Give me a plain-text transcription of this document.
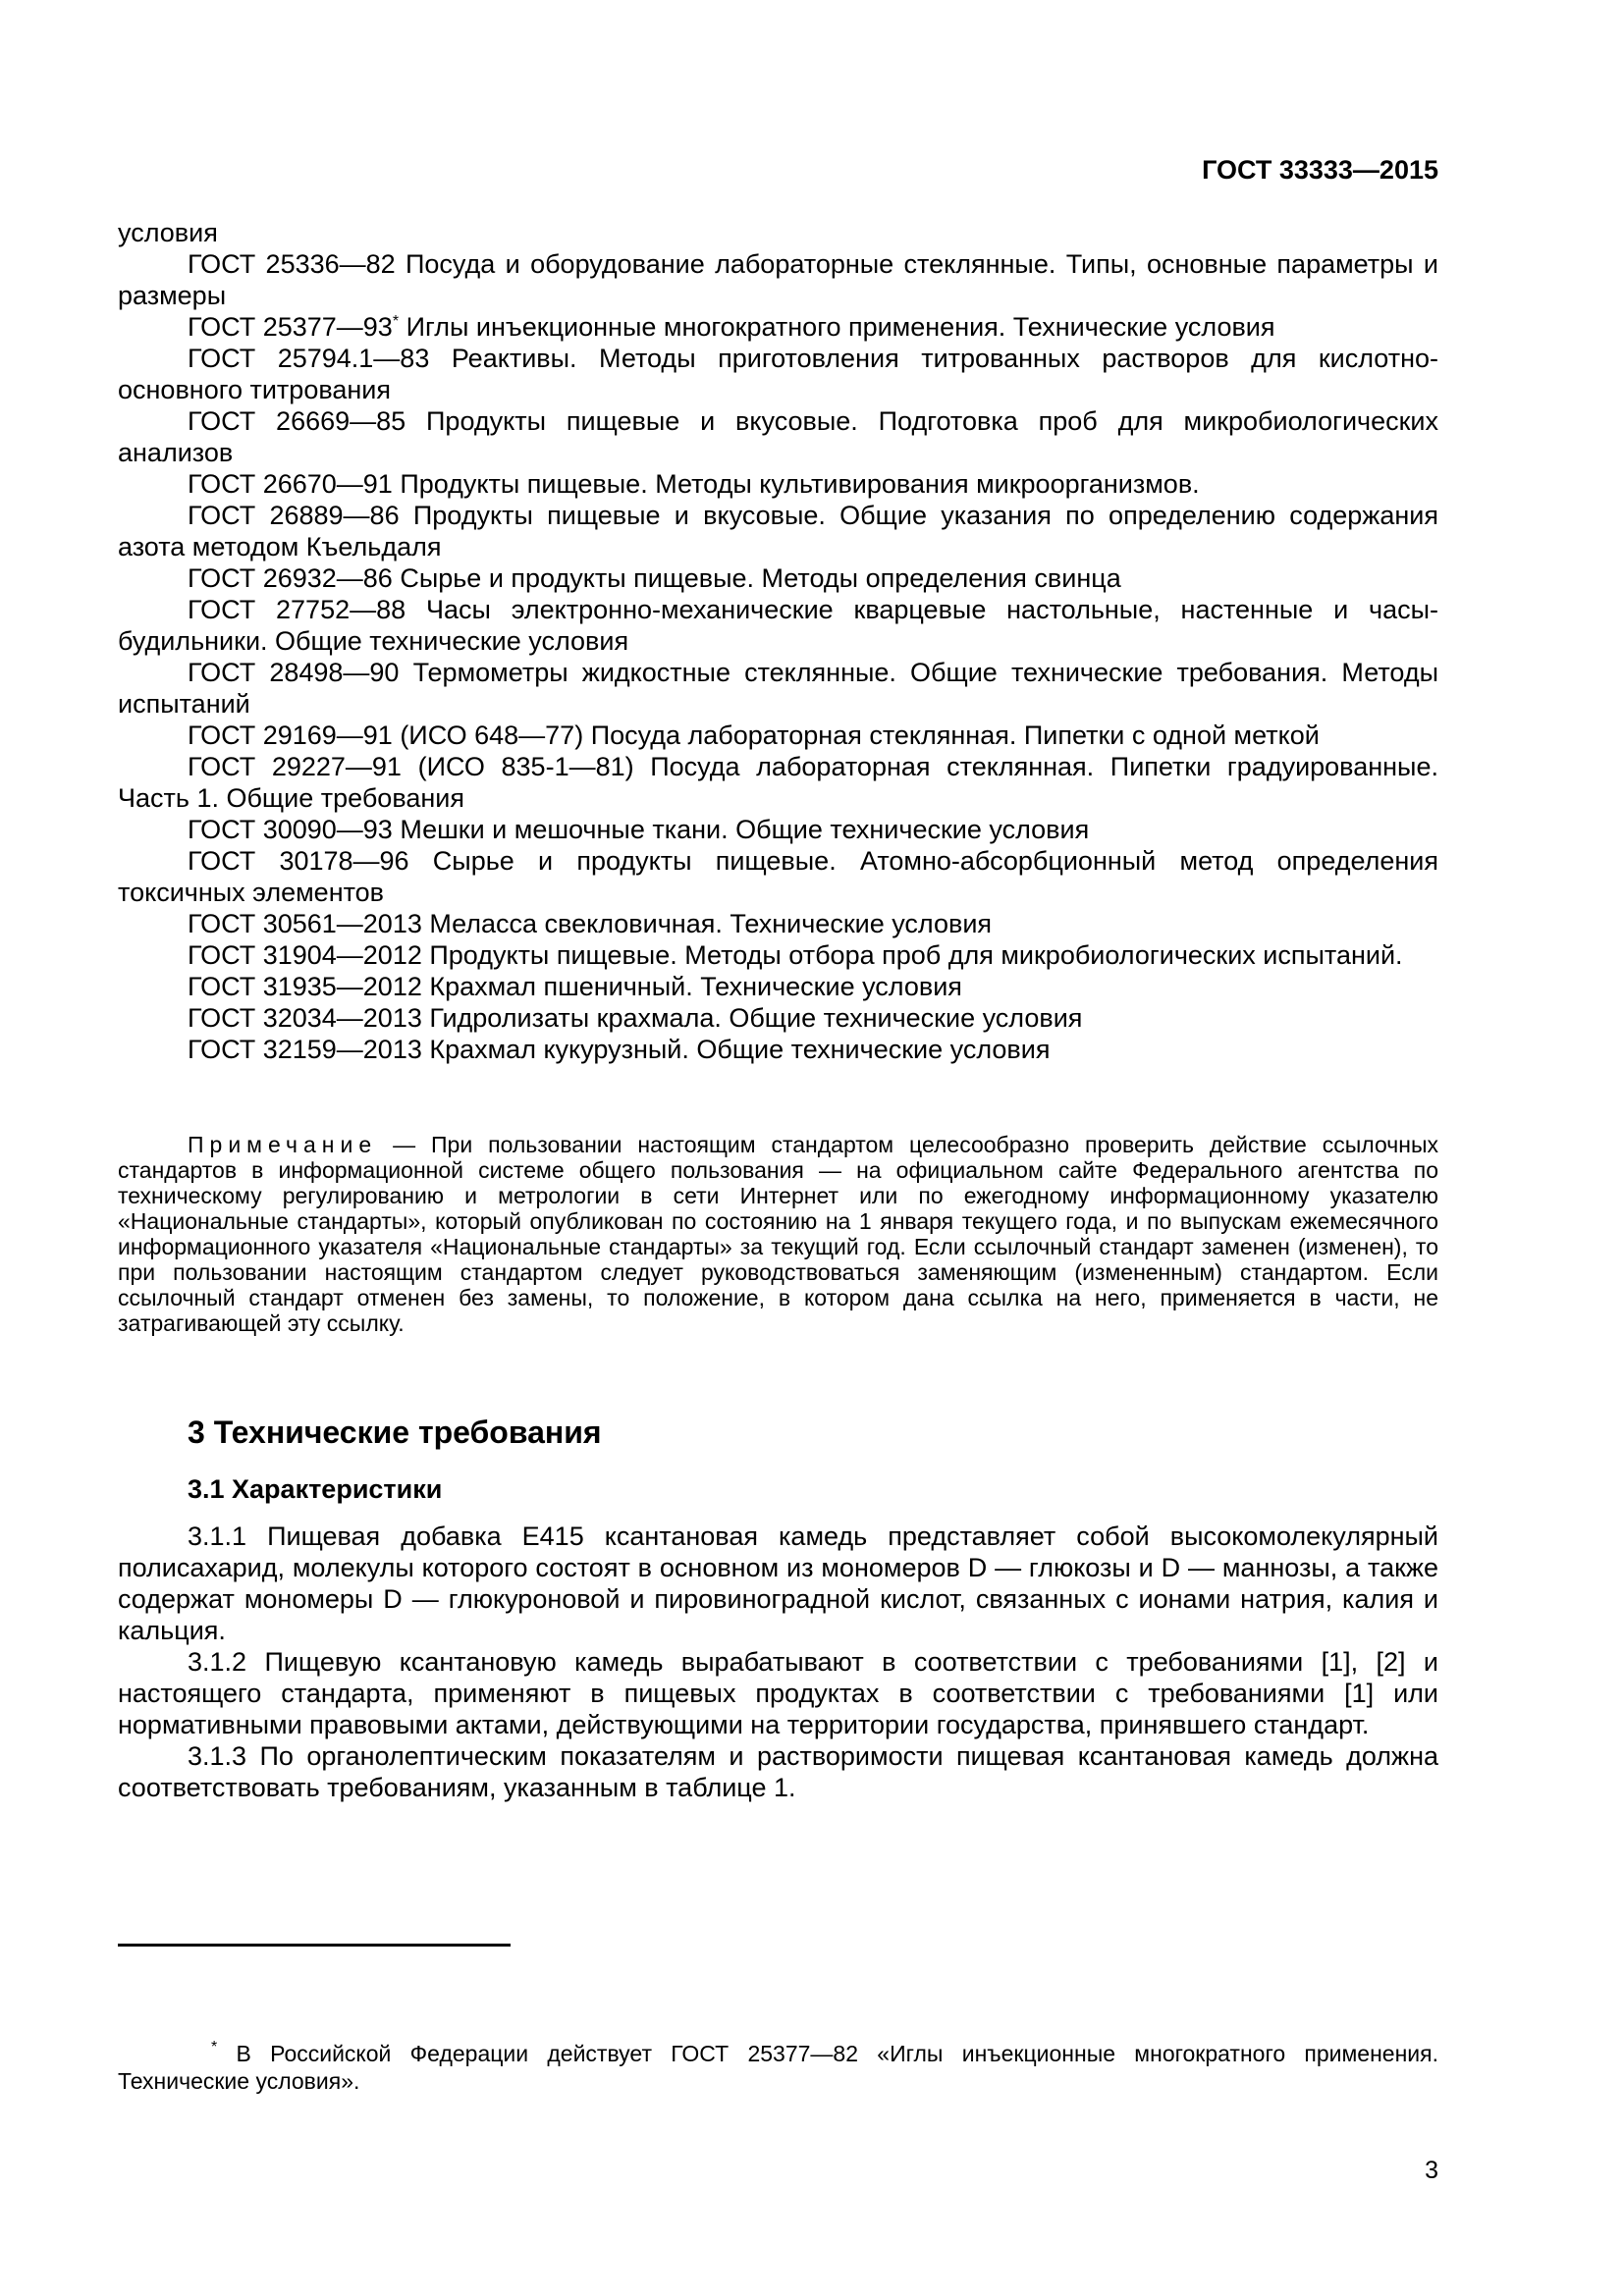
ГОСТ 33333—2015

условия

ГОСТ 25336—82 Посуда и оборудование лабораторные стеклянные. Типы, основные параметры и размеры

ГОСТ 25377—93* Иглы инъекционные многократного применения. Технические условия

ГОСТ 25794.1—83 Реактивы. Методы приготовления титрованных растворов для кислотно-основного титрования

ГОСТ 26669—85 Продукты пищевые и вкусовые. Подготовка проб для микробиологических анализов

ГОСТ 26670—91 Продукты пищевые. Методы культивирования микроорганизмов.

ГОСТ 26889—86 Продукты пищевые и вкусовые. Общие указания по определению содержания азота методом Къельдаля

ГОСТ 26932—86 Сырье и продукты пищевые. Методы определения свинца

ГОСТ 27752—88 Часы электронно-механические кварцевые настольные, настенные и часы-будильники. Общие технические условия

ГОСТ 28498—90 Термометры жидкостные стеклянные. Общие технические требования. Методы испытаний

ГОСТ 29169—91 (ИСО 648—77) Посуда лабораторная стеклянная. Пипетки с одной меткой

ГОСТ 29227—91 (ИСО 835-1—81) Посуда лабораторная стеклянная. Пипетки градуированные. Часть 1. Общие требования

ГОСТ 30090—93 Мешки и мешочные ткани. Общие технические условия

ГОСТ 30178—96 Сырье и продукты пищевые. Атомно-абсорбционный метод определения токсичных элементов

ГОСТ 30561—2013 Меласса свекловичная. Технические условия

ГОСТ 31904—2012 Продукты пищевые. Методы отбора проб для микробиологических испытаний.

ГОСТ 31935—2012 Крахмал пшеничный. Технические условия

ГОСТ 32034—2013 Гидролизаты крахмала. Общие технические условия

ГОСТ 32159—2013 Крахмал кукурузный. Общие технические условия

Примечание — При пользовании настоящим стандартом целесообразно проверить действие ссылочных стандартов в информационной системе общего пользования — на официальном сайте Федерального агентства по техническому регулированию и метрологии в сети Интернет или по ежегодному информационному указателю «Национальные стандарты», который опубликован по состоянию на 1 января текущего года, и по выпускам ежемесячного информационного указателя «Национальные стандарты» за текущий год. Если ссылочный стандарт заменен (изменен), то при пользовании настоящим стандартом следует руководствоваться заменяющим (измененным) стандартом. Если ссылочный стандарт отменен без замены, то положение, в котором дана ссылка на него, применяется в части, не затрагивающей эту ссылку.

3 Технические требования
3.1 Характеристики

3.1.1 Пищевая добавка Е415 ксантановая камедь представляет собой высокомолекулярный полисахарид, молекулы которого состоят в основном из мономеров D — глюкозы и D — маннозы, а также содержат мономеры D — глюкуроновой и пировиноградной кислот, связанных с ионами натрия, калия и кальция.

3.1.2 Пищевую ксантановую камедь вырабатывают в соответствии с требованиями [1], [2] и настоящего стандарта, применяют в пищевых продуктах в соответствии с требованиями [1] или нормативными правовыми актами, действующими на территории государства, принявшего стандарт.

3.1.3 По органолептическим показателям и растворимости пищевая ксантановая камедь должна соответствовать требованиям, указанным в таблице 1.

* В Российской Федерации действует ГОСТ 25377—82 «Иглы инъекционные многократного применения. Технические условия».

3
